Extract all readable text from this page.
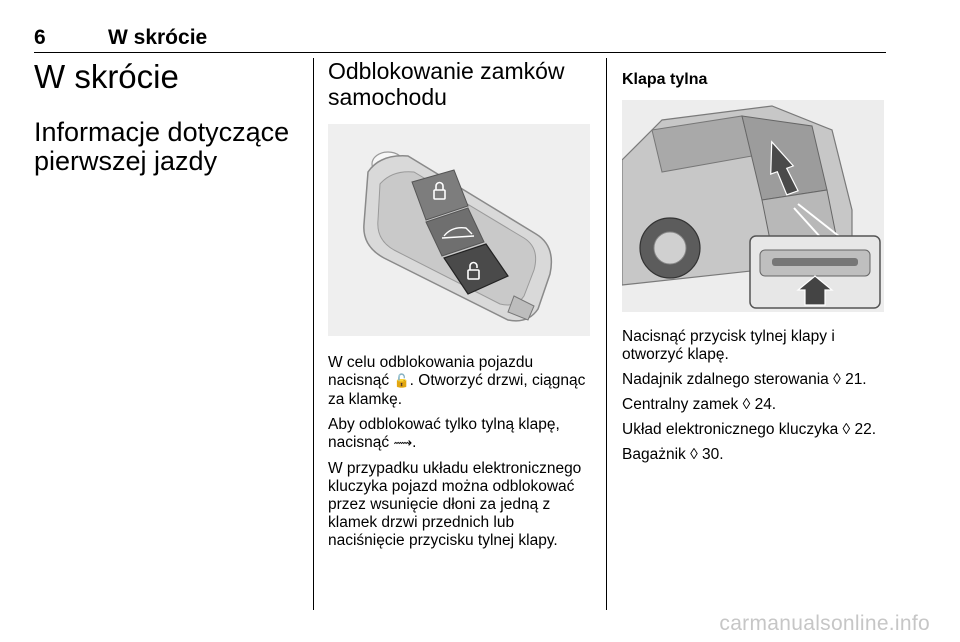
6	W skrócie
W skrócie
Informacje dotyczące pierwszej jazdy
Odblokowanie zamków samochodu

W celu odblokowania pojazdu nacisnąć 🔓. Otworzyć drzwi, ciągnąc za klamkę.

Aby odblokować tylko tylną klapę, nacisnąć ⟿.

W przypadku układu elektronicznego kluczyka pojazd można odblokować przez wsunięcie dłoni za jedną z klamek drzwi przednich lub naciśnięcie przycisku tylnej klapy.

Klapa tylna

Nacisnąć przycisk tylnej klapy i otworzyć klapę.

Nadajnik zdalnego sterowania ◊ 21.

Centralny zamek ◊ 24.

Układ elektronicznego kluczyka ◊ 22.

Bagażnik ◊ 30.

carmanualsonline.info
